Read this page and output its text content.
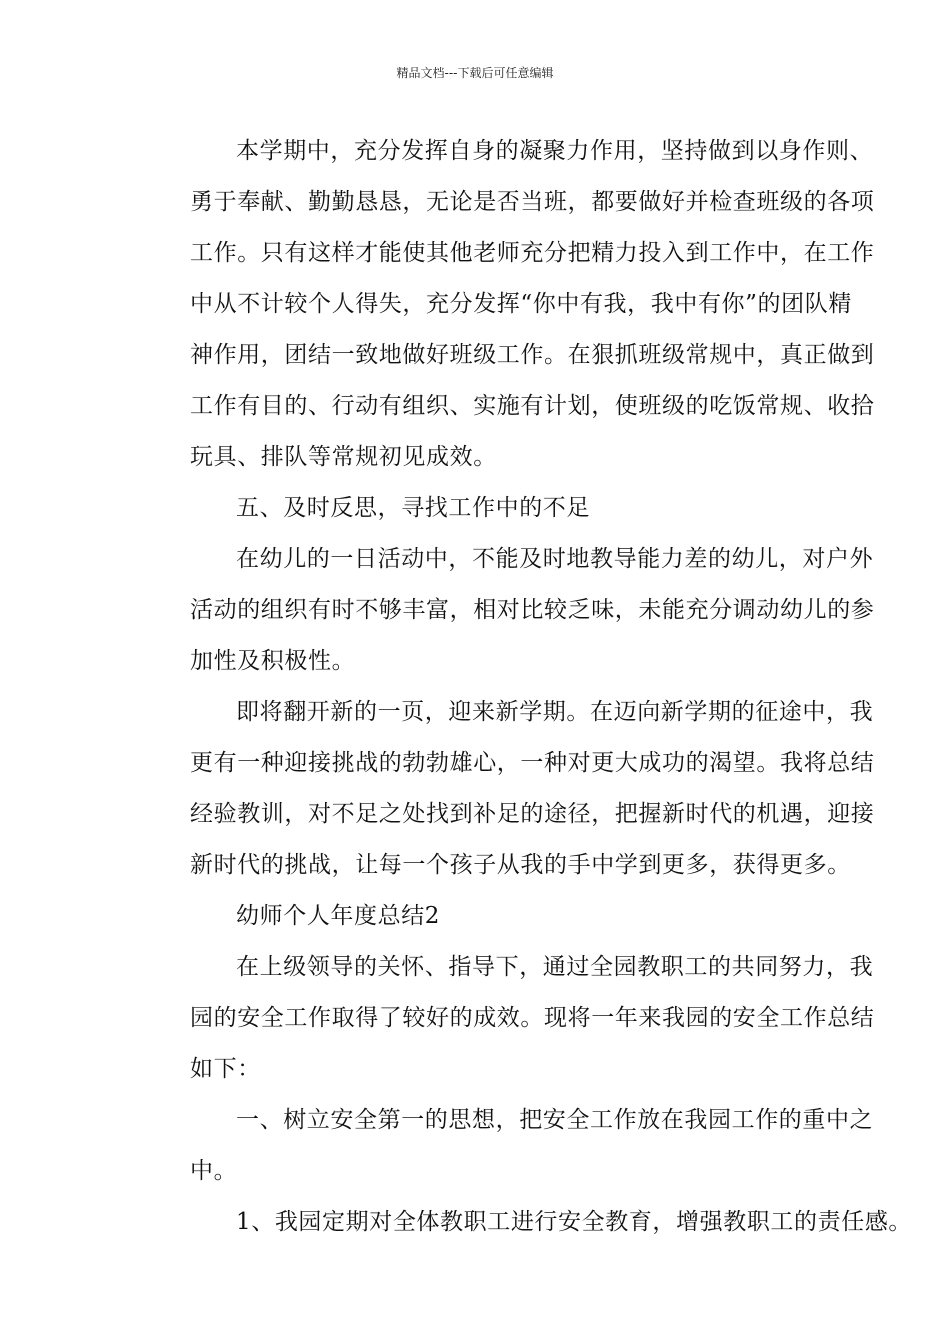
精品文档---下载后可任意编辑
本学期中，充分发挥自身的凝聚力作用，坚持做到以身作则、
勇于奉献、勤勤恳恳，无论是否当班，都要做好并检查班级的各项
工作。只有这样才能使其他老师充分把精力投入到工作中，在工作
中从不计较个人得失，充分发挥“你中有我，我中有你”的团队精
神作用，团结一致地做好班级工作。在狠抓班级常规中，真正做到
工作有目的、行动有组织、实施有计划，使班级的吃饭常规、收拾
玩具、排队等常规初见成效。
五、及时反思，寻找工作中的不足
在幼儿的一日活动中，不能及时地教导能力差的幼儿，对户外
活动的组织有时不够丰富，相对比较乏味，未能充分调动幼儿的参
加性及积极性。
即将翻开新的一页，迎来新学期。在迈向新学期的征途中，我
更有一种迎接挑战的勃勃雄心，一种对更大成功的渴望。我将总结
经验教训，对不足之处找到补足的途径，把握新时代的机遇，迎接
新时代的挑战，让每一个孩子从我的手中学到更多，获得更多。
幼师个人年度总结2
在上级领导的关怀、指导下，通过全园教职工的共同努力，我
园的安全工作取得了较好的成效。现将一年来我园的安全工作总结
如下：
一、树立安全第一的思想，把安全工作放在我园工作的重中之
中。
1、我园定期对全体教职工进行安全教育，增强教职工的责任感。
